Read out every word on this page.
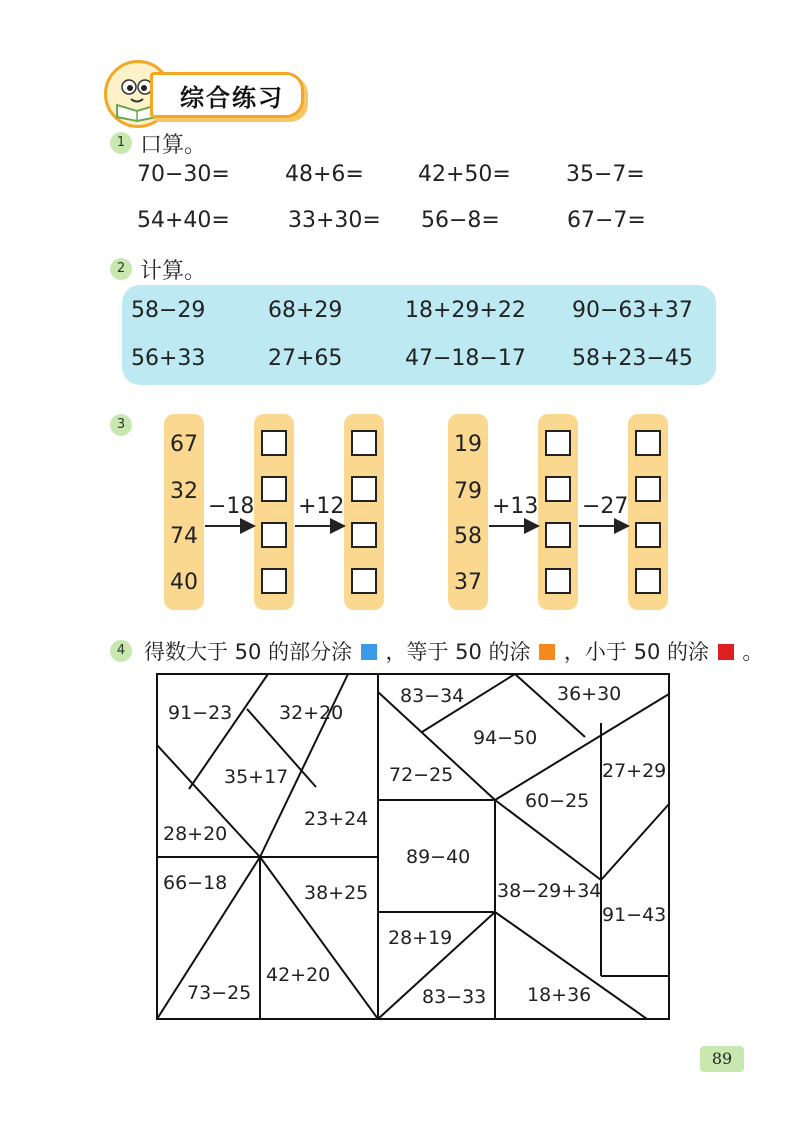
综合练习
1 口算。
70−30=	48+6= 42+50=	35−7=
54+40=	33+30= 56−8=	67−7=
2 计算。
58−29	68+29	18+29+22 90−63+37
56+33	27+65	47−18−17 58+23−45
3
67
32
74
40
−18 +12
19
79
58
37
+13 −27
4 得数大于 50 的部分涂 ，等于 50 的涂 ，小于 50 的涂 。
91−23 32+20
35+17
28+20
23+24
66−18	38+25
73−25
42+20
83−34	36+30
94−50
72−25	27+29
60−25
89−40
38−29+34
91−43
28+19
83−33 18+36
89
